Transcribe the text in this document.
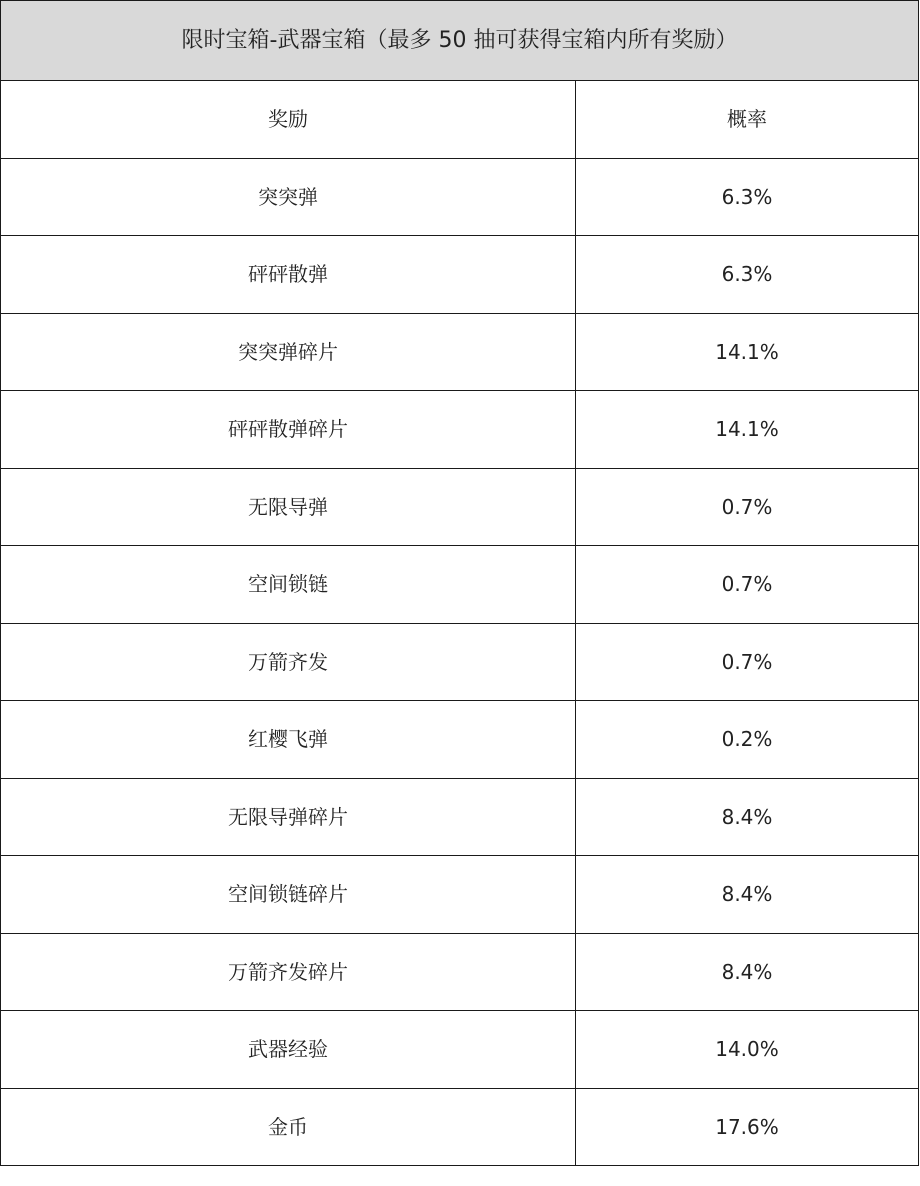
限时宝箱-武器宝箱（最多 50 抽可获得宝箱内所有奖励）	
奖励	概率
突突弹	6.3%
砰砰散弹	6.3%
突突弹碎片	14.1%
砰砰散弹碎片	14.1%
无限导弹	0.7%
空间锁链	0.7%
万箭齐发	0.7%
红樱飞弹	0.2%
无限导弹碎片	8.4%
空间锁链碎片	8.4%
万箭齐发碎片	8.4%
武器经验	14.0%
金币	17.6%
